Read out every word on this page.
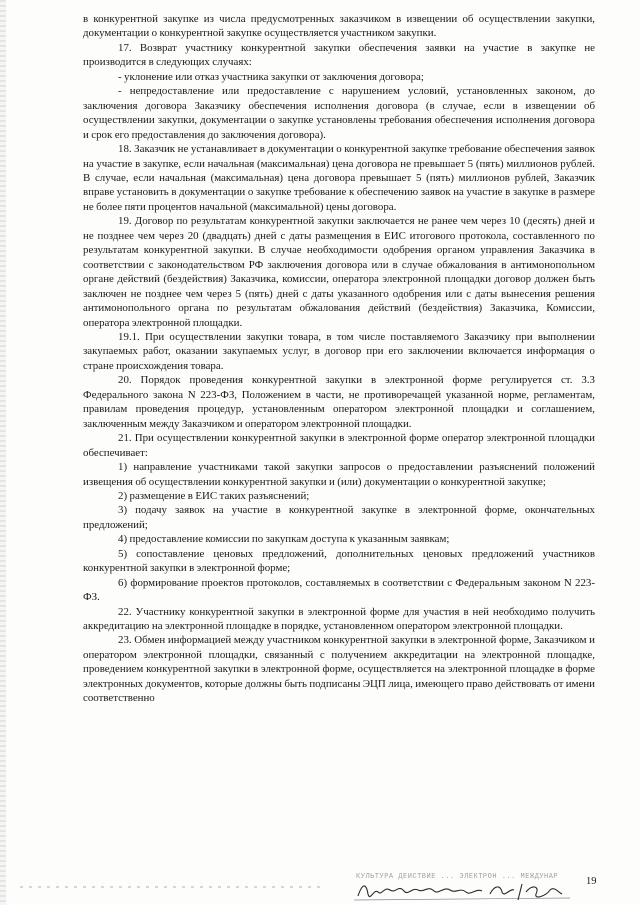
в конкурентной закупке из числа предусмотренных заказчиком в извещении об осуществлении закупки, документации о конкурентной закупке осуществляется участником закупки.

17. Возврат участнику конкурентной закупки обеспечения заявки на участие в закупке не производится в следующих случаях:

- уклонение или отказ участника закупки от заключения договора;

- непредоставление или предоставление с нарушением условий, установленных законом, до заключения договора Заказчику обеспечения исполнения договора (в случае, если в извещении об осуществлении закупки, документации о закупке установлены требования обеспечения исполнения договора и срок его предоставления до заключения договора).

18. Заказчик не устанавливает в документации о конкурентной закупке требование обеспечения заявок на участие в закупке, если начальная (максимальная) цена договора не превышает 5 (пять) миллионов рублей. В случае, если начальная (максимальная) цена договора превышает 5 (пять) миллионов рублей, Заказчик вправе установить в документации о закупке требование к обеспечению заявок на участие в закупке в размере не более пяти процентов начальной (максимальной) цены договора.

19. Договор по результатам конкурентной закупки заключается не ранее чем через 10 (десять) дней и не позднее чем через 20 (двадцать) дней с даты размещения в ЕИС итогового протокола, составленного по результатам конкурентной закупки. В случае необходимости одобрения органом управления Заказчика в соответствии с законодательством РФ заключения договора или в случае обжалования в антимонопольном органе действий (бездействия) Заказчика, комиссии, оператора электронной площадки договор должен быть заключен не позднее чем через 5 (пять) дней с даты указанного одобрения или с даты вынесения решения антимонопольного органа по результатам обжалования действий (бездействия) Заказчика, Комиссии, оператора электронной площадки.

19.1. При осуществлении закупки товара, в том числе поставляемого Заказчику при выполнении закупаемых работ, оказании закупаемых услуг, в договор при его заключении включается информация о стране происхождения товара.

20. Порядок проведения конкурентной закупки в электронной форме регулируется ст. 3.3 Федерального закона N 223-ФЗ, Положением в части, не противоречащей указанной норме, регламентам, правилам проведения процедур, установленным оператором электронной площадки и соглашением, заключенным между Заказчиком и оператором электронной площадки.

21. При осуществлении конкурентной закупки в электронной форме оператор электронной площадки обеспечивает:

1) направление участниками такой закупки запросов о предоставлении разъяснений положений извещения об осуществлении конкурентной закупки и (или) документации о конкурентной закупке;

2) размещение в ЕИС таких разъяснений;

3) подачу заявок на участие в конкурентной закупке в электронной форме, окончательных предложений;

4) предоставление комиссии по закупкам доступа к указанным заявкам;

5) сопоставление ценовых предложений, дополнительных ценовых предложений участников конкурентной закупки в электронной форме;

6) формирование проектов протоколов, составляемых в соответствии с Федеральным законом N 223-ФЗ.

22. Участнику конкурентной закупки в электронной форме для участия в ней необходимо получить аккредитацию на электронной площадке в порядке, установленном оператором электронной площадки.

23. Обмен информацией между участником конкурентной закупки в электронной форме, Заказчиком и оператором электронной площадки, связанный с получением аккредитации на электронной площадке, проведением конкурентной закупки в электронной форме, осуществляется на электронной площадке в форме электронных документов, которые должны быть подписаны ЭЦП лица, имеющего право действовать от имени соответственно

КУЛЬТУРА ДЕЙСТВИЕ ... ЭЛЕКТРОН ... МЕЖДУНАР	19
